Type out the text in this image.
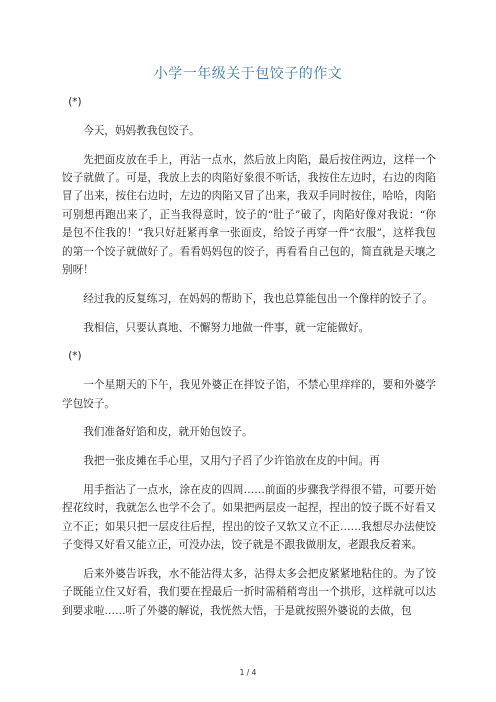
小学一年级关于包饺子的作文

(*)

今天，妈妈教我包饺子。

先把面皮放在手上，再沾一点水，然后放上肉陷，最后按住两边，这样一个饺子就做了。可是，我放上去的肉陷好象很不听话，我按住左边时，右边的肉陷冒了出来，按住右边时，左边的肉陷又冒了出来，我双手同时按住，哈哈，肉陷可别想再跑出来了，正当我得意时，饺子的“肚子”破了，肉陷好像对我说：“你是包不住我的！”我只好赶紧再拿一张面皮，给饺子再穿一件“衣服”，这样我包的第一个饺子就做好了。看看妈妈包的饺子，再看看自己包的，简直就是天壤之别呀！

经过我的反复练习，在妈妈的帮助下，我也总算能包出一个像样的饺子了。

我相信，只要认真地、不懈努力地做一件事，就一定能做好。

(*)

一个星期天的下午，我见外婆正在拌饺子馅，不禁心里痒痒的，要和外婆学学包饺子。

我们准备好馅和皮，就开始包饺子。

我把一张皮摊在手心里，又用勺子舀了少许馅放在皮的中间。再

用手指沾了一点水，涂在皮的四周……前面的步骤我学得很不错，可要开始捏花纹时，我就怎么也学不会了。如果把两层皮一起捏，捏出的饺子既不好看又立不正；如果只把一层皮往后捏，捏出的饺子又软又立不正……我想尽办法使饺子变得又好看又能立正，可没办法，饺子就是不跟我做朋友，老跟我反着来。

后来外婆告诉我，水不能沾得太多，沾得太多会把皮紧紧地粘住的。为了饺子既能立住又好看，我们要在捏最后一折时需稍稍弯出一个拱形，这样就可以达到要求啦……听了外婆的解说，我恍然大悟，于是就按照外婆说的去做，包

1 / 4
